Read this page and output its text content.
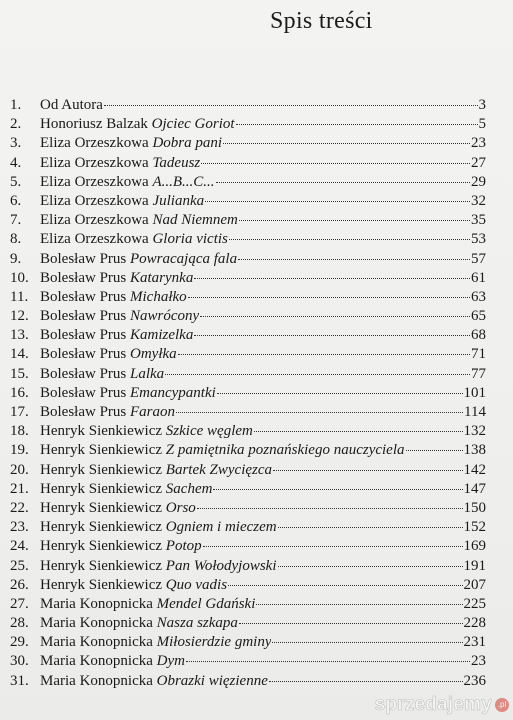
Spis treści
1.	Od Autora	3
2.	Honoriusz Balzak Ojciec Goriot	5
3.	Eliza Orzeszkowa Dobra pani	23
4.	Eliza Orzeszkowa Tadeusz	27
5.	Eliza Orzeszkowa A...B...C...	29
6.	Eliza Orzeszkowa Julianka	32
7.	Eliza Orzeszkowa Nad Niemnem	35
8.	Eliza Orzeszkowa Gloria victis	53
9.	Bolesław Prus Powracająca fala	57
10. Bolesław Prus Katarynka	61
11. Bolesław Prus Michałko	63
12. Bolesław Prus Nawrócony	65
13. Bolesław Prus Kamizelka	68
14. Bolesław Prus Omyłka	71
15. Bolesław Prus Lalka	77
16. Bolesław Prus Emancypantki	101
17. Bolesław Prus Faraon	114
18. Henryk Sienkiewicz Szkice węglem	132
19. Henryk Sienkiewicz Z pamiętnika poznańskiego nauczyciela	138
20. Henryk Sienkiewicz Bartek Zwycięzca	142
21. Henryk Sienkiewicz Sachem	147
22. Henryk Sienkiewicz Orso	150
23. Henryk Sienkiewicz Ogniem i mieczem	152
24. Henryk Sienkiewicz Potop	169
25. Henryk Sienkiewicz Pan Wołodyjowski	191
26. Henryk Sienkiewicz Quo vadis	207
27. Maria Konopnicka Mendel Gdański	225
28. Maria Konopnicka Nasza szkapa	228
29. Maria Konopnicka Miłosierdzie gminy	231
30. Maria Konopnicka Dym	23
31. Maria Konopnicka Obrazki więzienne	236
sprzedajemy .pl
